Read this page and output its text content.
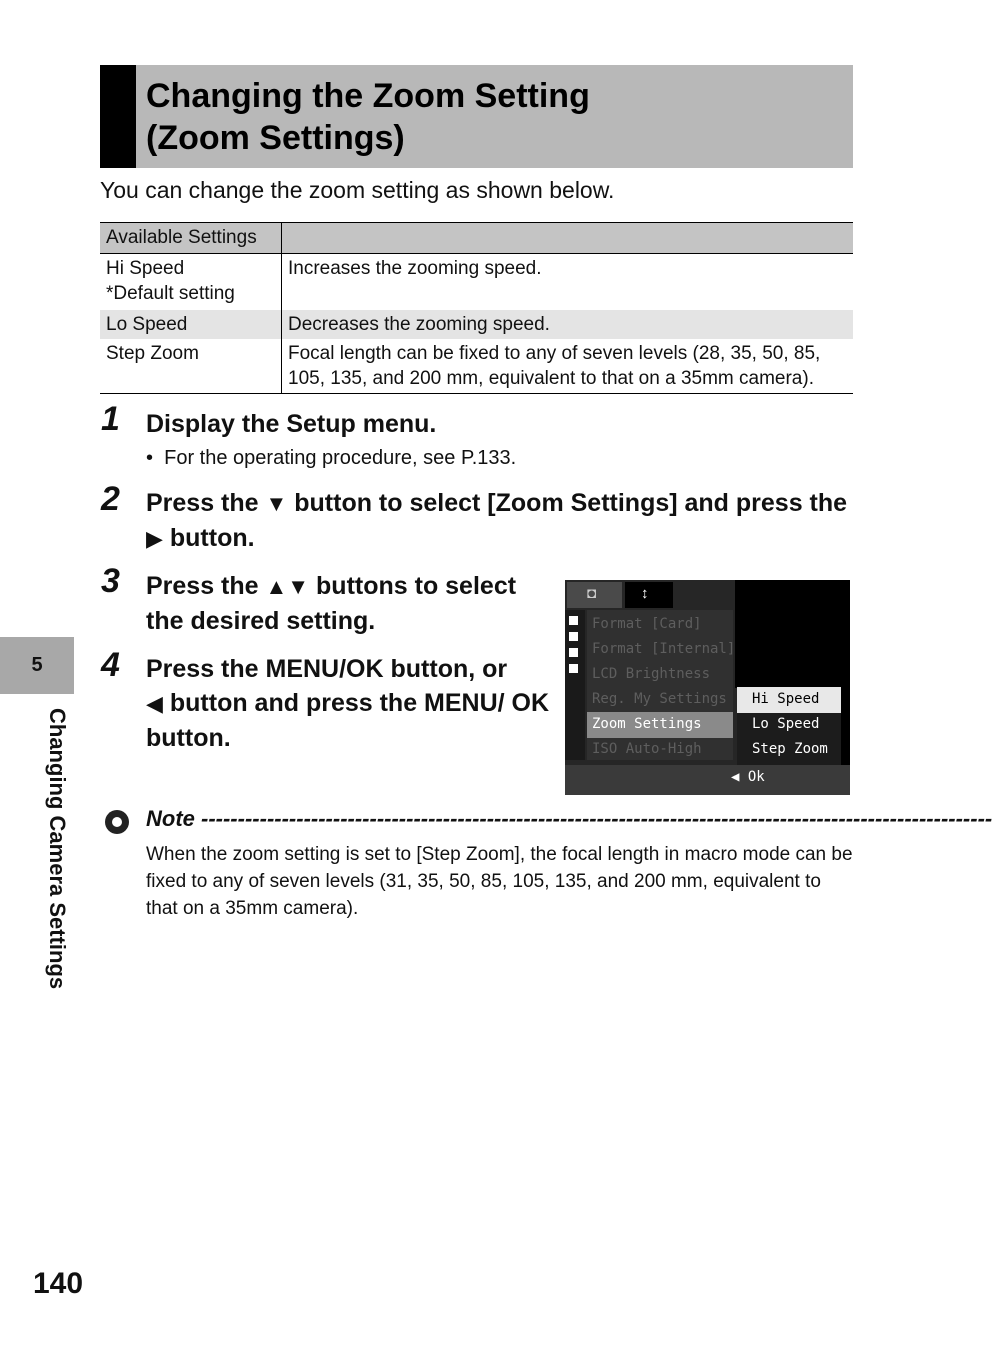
Changing the Zoom Setting
(Zoom Settings)
You can change the zoom setting as shown below.
Available Settings	

Hi Speed
*Default setting	Increases the zooming speed.
Lo Speed	Decreases the zooming speed.
Step Zoom	Focal length can be fixed to any of seven levels (28, 35, 50, 85, 105, 135, and 200 mm, equivalent to that on a 35mm camera).
1 Display the Setup menu.
•  For the operating procedure, see P.133.
2 Press the ▼ button to select [Zoom Settings] and press the ▶ button.
3 Press the ▲▼ buttons to select the desired setting.
4 Press the MENU/OK button, or
◀ button and press the MENU/ OK button.
◘	↕
Format [Card]
Format [Internal]
LCD Brightness
Reg. My Settings
Zoom Settings
ISO Auto-High
Hi Speed
Lo Speed
Step Zoom
◀ Ok
Note ------------------------------------------------------------------------------------------------------------
When the zoom setting is set to [Step Zoom], the focal length in macro mode can be fixed to any of seven levels (31, 35, 50, 85, 105, 135, and 200 mm, equivalent to that on a 35mm camera).
5
Changing Camera Settings
140
